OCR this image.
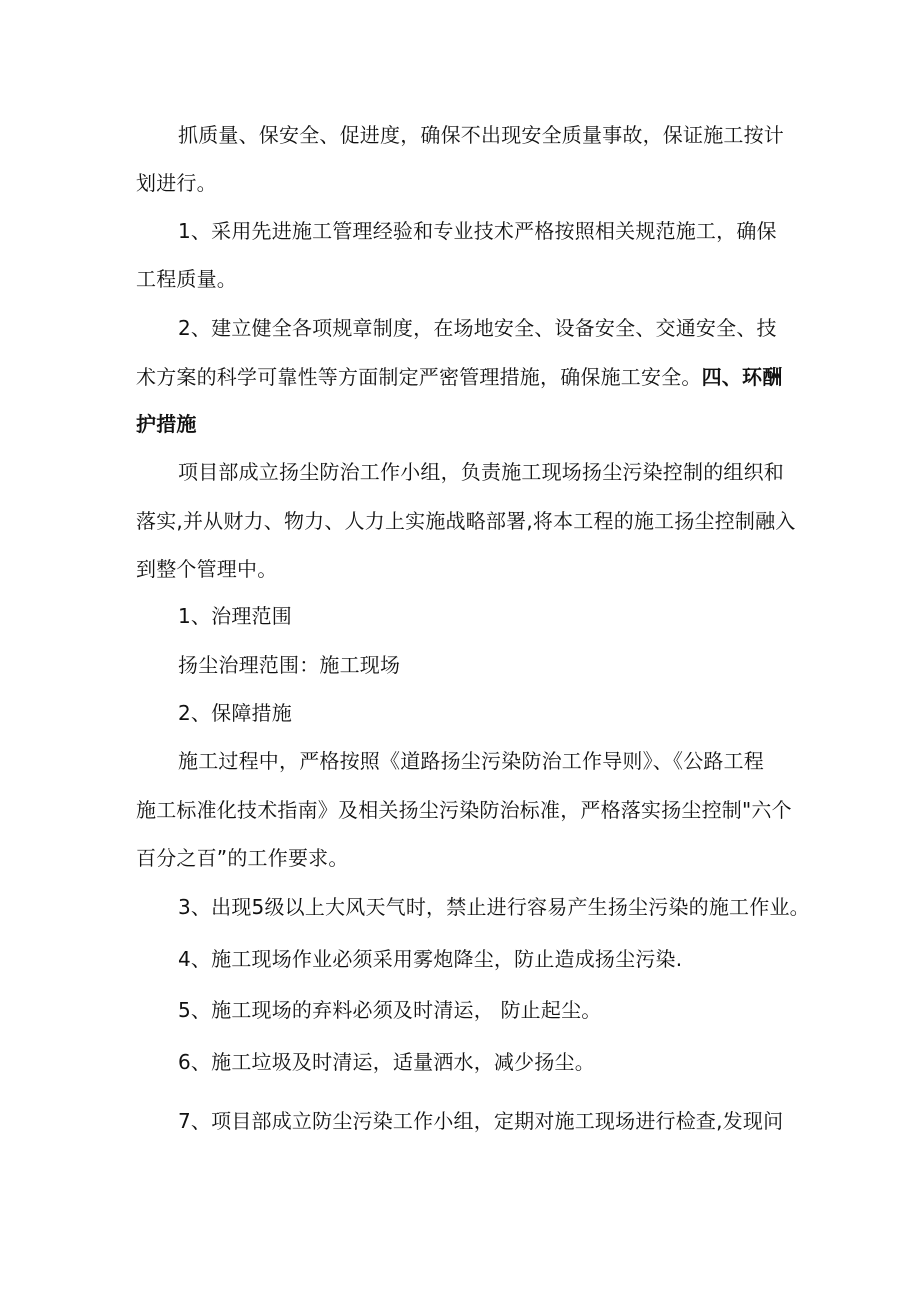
抓质量、保安全、促进度，确保不出现安全质量事故，保证施工按计
划进行。
1、采用先进施工管理经验和专业技术严格按照相关规范施工，确保
工程质量。
2、建立健全各项规章制度，在场地安全、设备安全、交通安全、技
术方案的科学可靠性等方面制定严密管理措施，确保施工安全。四、环酬
护措施
项目部成立扬尘防治工作小组，负责施工现场扬尘污染控制的组织和
落实,并从财力、物力、人力上实施战略部署,将本工程的施工扬尘控制融入
到整个管理中。
1、治理范围
扬尘治理范围：施工现场
2、保障措施
施工过程中，严格按照《道路扬尘污染防治工作导则》、《公路工程
施工标准化技术指南》及相关扬尘污染防治标准，严格落实扬尘控制"六个
百分之百”的工作要求。
3、出现5级以上大风天气时，禁止进行容易产生扬尘污染的施工作业。
4、施工现场作业必须采用雾炮降尘，防止造成扬尘污染.
5、施工现场的弃料必须及时清运， 防止起尘。
6、施工垃圾及时清运，适量洒水，减少扬尘。
7、项目部成立防尘污染工作小组，定期对施工现场进行检查,发现问
